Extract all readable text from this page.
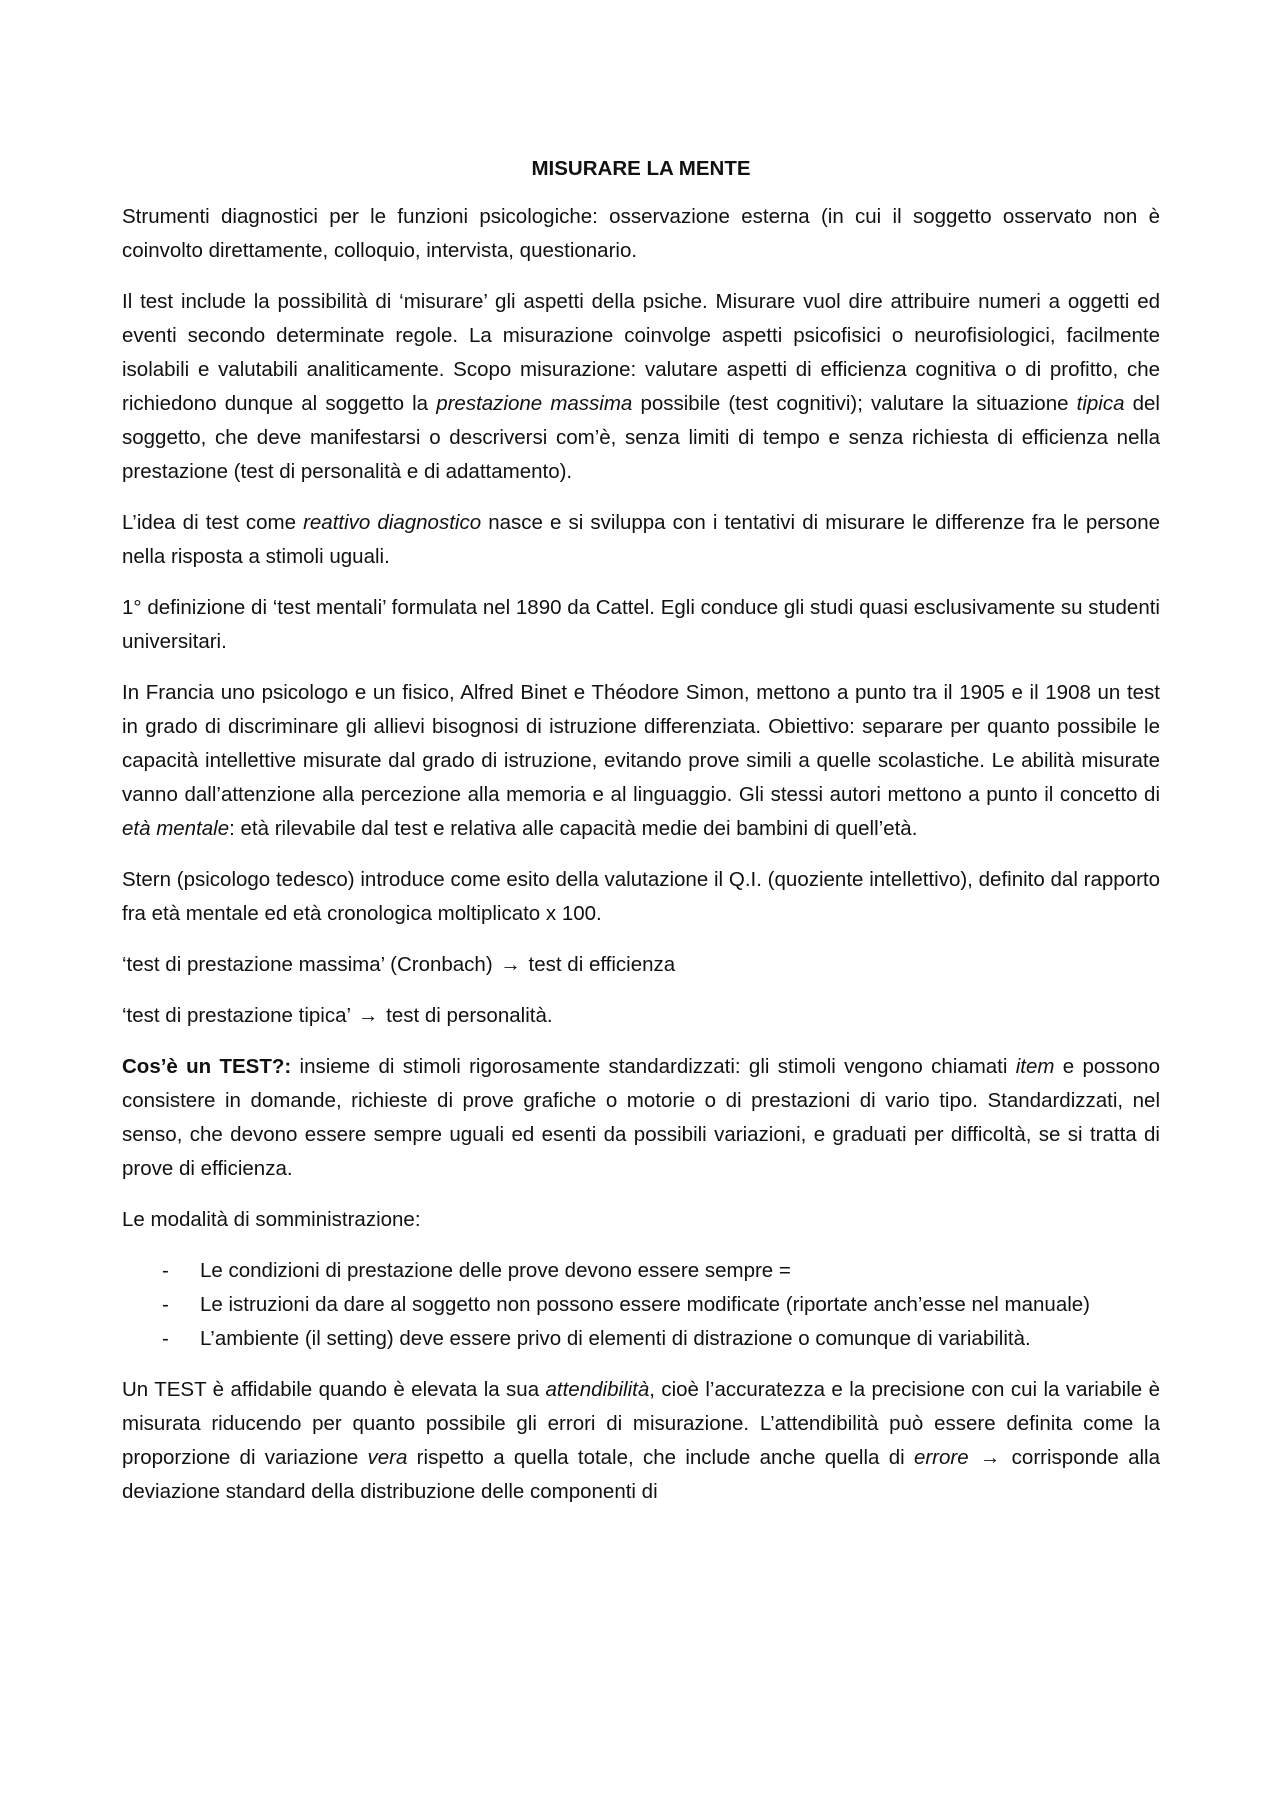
MISURARE LA MENTE

Strumenti diagnostici per le funzioni psicologiche: osservazione esterna (in cui il soggetto osservato non è coinvolto direttamente, colloquio, intervista, questionario.

Il test include la possibilità di ‘misurare’ gli aspetti della psiche. Misurare vuol dire attribuire numeri a oggetti ed eventi secondo determinate regole. La misurazione coinvolge aspetti psicofisici o neurofisiologici, facilmente isolabili e valutabili analiticamente. Scopo misurazione: valutare aspetti di efficienza cognitiva o di profitto, che richiedono dunque al soggetto la prestazione massima possibile (test cognitivi); valutare la situazione tipica del soggetto, che deve manifestarsi o descriversi com’è, senza limiti di tempo e senza richiesta di efficienza nella prestazione (test di personalità e di adattamento).

L’idea di test come reattivo diagnostico nasce e si sviluppa con i tentativi di misurare le differenze fra le persone nella risposta a stimoli uguali.

1° definizione di ‘test mentali’ formulata nel 1890 da Cattel. Egli conduce gli studi quasi esclusivamente su studenti universitari.

In Francia uno psicologo e un fisico, Alfred Binet e Théodore Simon, mettono a punto tra il 1905 e il 1908 un test in grado di discriminare gli allievi bisognosi di istruzione differenziata. Obiettivo: separare per quanto possibile le capacità intellettive misurate dal grado di istruzione, evitando prove simili a quelle scolastiche. Le abilità misurate vanno dall’attenzione alla percezione alla memoria e al linguaggio. Gli stessi autori mettono a punto il concetto di età mentale: età rilevabile dal test e relativa alle capacità medie dei bambini di quell’età.

Stern (psicologo tedesco) introduce come esito della valutazione il Q.I. (quoziente intellettivo), definito dal rapporto fra età mentale ed età cronologica moltiplicato x 100.

‘test di prestazione massima’ (Cronbach) → test di efficienza

‘test di prestazione tipica’ → test di personalità.

Cos’è un TEST?: insieme di stimoli rigorosamente standardizzati: gli stimoli vengono chiamati item e possono consistere in domande, richieste di prove grafiche o motorie o di prestazioni di vario tipo. Standardizzati, nel senso, che devono essere sempre uguali ed esenti da possibili variazioni, e graduati per difficoltà, se si tratta di prove di efficienza.

Le modalità di somministrazione:

- Le condizioni di prestazione delle prove devono essere sempre =
- Le istruzioni da dare al soggetto non possono essere modificate (riportate anch’esse nel manuale)
- L’ambiente (il setting) deve essere privo di elementi di distrazione o comunque di variabilità.

Un TEST è affidabile quando è elevata la sua attendibilità, cioè l’accuratezza e la precisione con cui la variabile è misurata riducendo per quanto possibile gli errori di misurazione. L’attendibilità può essere definita come la proporzione di variazione vera rispetto a quella totale, che include anche quella di errore → corrisponde alla deviazione standard della distribuzione delle componenti di
